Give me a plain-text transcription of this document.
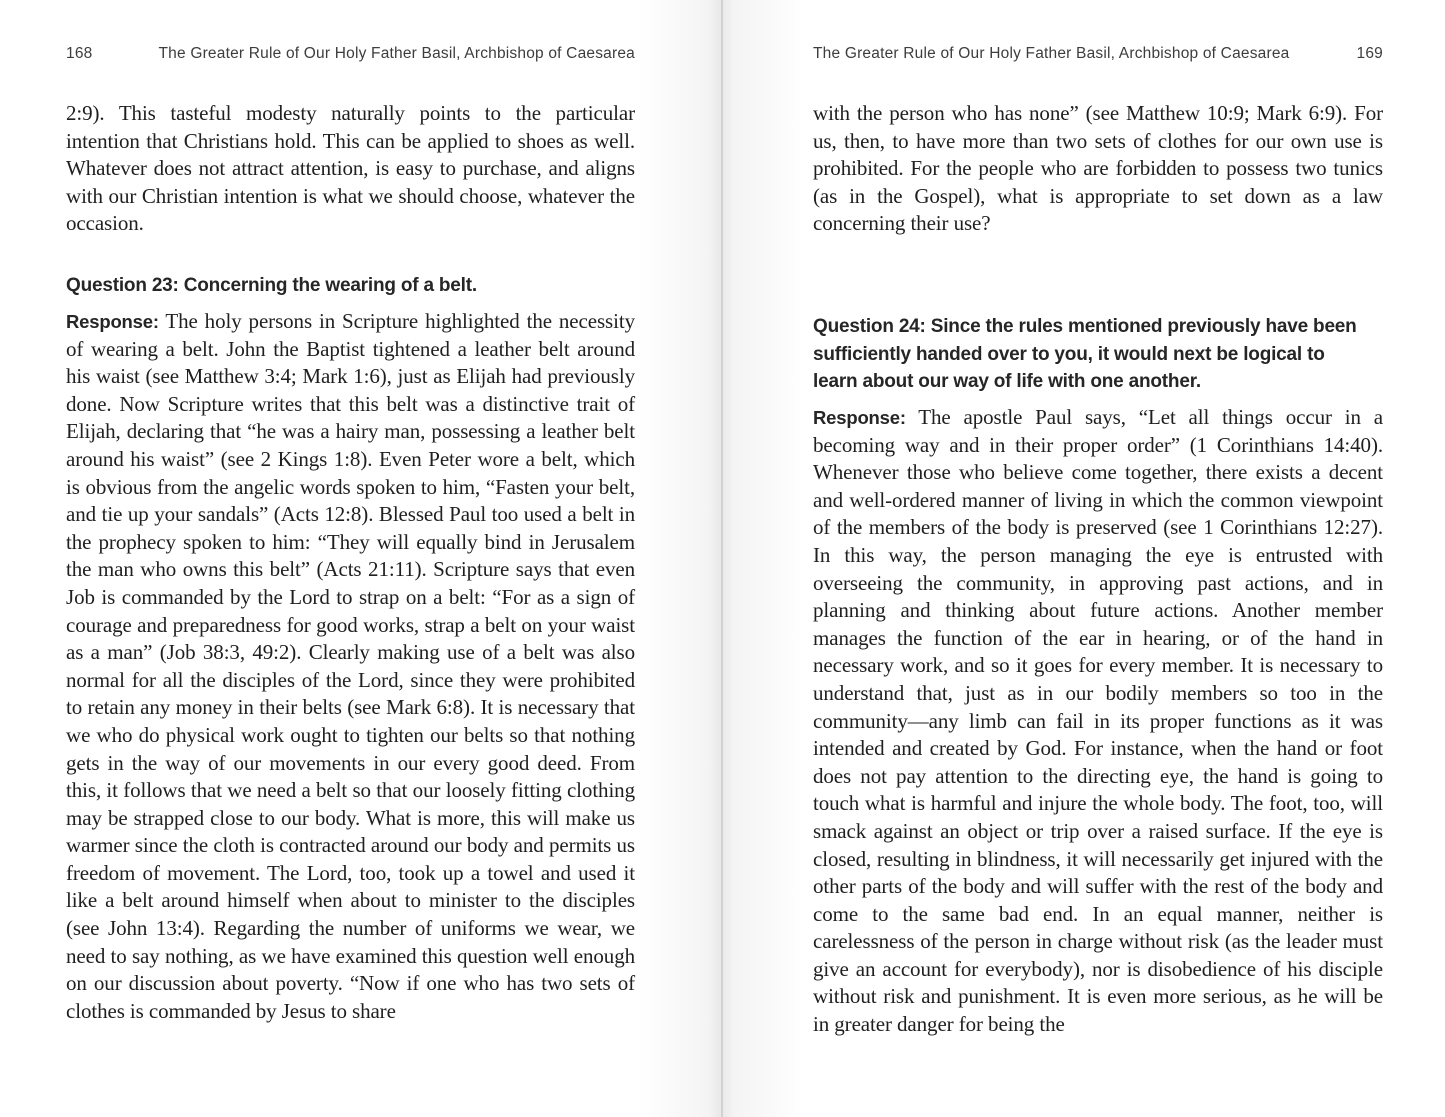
168	The Greater Rule of Our Holy Father Basil, Archbishop of Caesarea
2:9). This tasteful modesty naturally points to the particular intention that Christians hold. This can be applied to shoes as well. Whatever does not attract attention, is easy to purchase, and aligns with our Christian intention is what we should choose, whatever the occasion.
Question 23: Concerning the wearing of a belt.
Response: The holy persons in Scripture highlighted the necessity of wearing a belt. John the Baptist tightened a leather belt around his waist (see Matthew 3:4; Mark 1:6), just as Elijah had previously done. Now Scripture writes that this belt was a distinctive trait of Elijah, declaring that “he was a hairy man, possessing a leather belt around his waist” (see 2 Kings 1:8). Even Peter wore a belt, which is obvious from the angelic words spoken to him, “Fasten your belt, and tie up your sandals” (Acts 12:8). Blessed Paul too used a belt in the prophecy spoken to him: “They will equally bind in Jerusalem the man who owns this belt” (Acts 21:11). Scripture says that even Job is commanded by the Lord to strap on a belt: “For as a sign of courage and preparedness for good works, strap a belt on your waist as a man” (Job 38:3, 49:2). Clearly making use of a belt was also normal for all the disciples of the Lord, since they were prohibited to retain any money in their belts (see Mark 6:8). It is necessary that we who do physical work ought to tighten our belts so that nothing gets in the way of our movements in our every good deed. From this, it follows that we need a belt so that our loosely fitting clothing may be strapped close to our body. What is more, this will make us warmer since the cloth is contracted around our body and permits us freedom of movement. The Lord, too, took up a towel and used it like a belt around himself when about to minister to the disciples (see John 13:4). Regarding the number of uniforms we wear, we need to say nothing, as we have examined this question well enough on our discussion about poverty. “Now if one who has two sets of clothes is commanded by Jesus to share
The Greater Rule of Our Holy Father Basil, Archbishop of Caesarea	169
with the person who has none” (see Matthew 10:9; Mark 6:9). For us, then, to have more than two sets of clothes for our own use is prohibited. For the people who are forbidden to possess two tunics (as in the Gospel), what is appropriate to set down as a law concerning their use?
Question 24: Since the rules mentioned previously have been sufficiently handed over to you, it would next be logical to learn about our way of life with one another.
Response: The apostle Paul says, “Let all things occur in a becoming way and in their proper order” (1 Corinthians 14:40). Whenever those who believe come together, there exists a decent and well-ordered manner of living in which the common viewpoint of the members of the body is preserved (see 1 Corinthians 12:27). In this way, the person managing the eye is entrusted with overseeing the community, in approving past actions, and in planning and thinking about future actions. Another member manages the function of the ear in hearing, or of the hand in necessary work, and so it goes for every member. It is necessary to understand that, just as in our bodily members so too in the community—any limb can fail in its proper functions as it was intended and created by God. For instance, when the hand or foot does not pay attention to the directing eye, the hand is going to touch what is harmful and injure the whole body. The foot, too, will smack against an object or trip over a raised surface. If the eye is closed, resulting in blindness, it will necessarily get injured with the other parts of the body and will suffer with the rest of the body and come to the same bad end. In an equal manner, neither is carelessness of the person in charge without risk (as the leader must give an account for everybody), nor is disobedience of his disciple without risk and punishment. It is even more serious, as he will be in greater danger for being the
